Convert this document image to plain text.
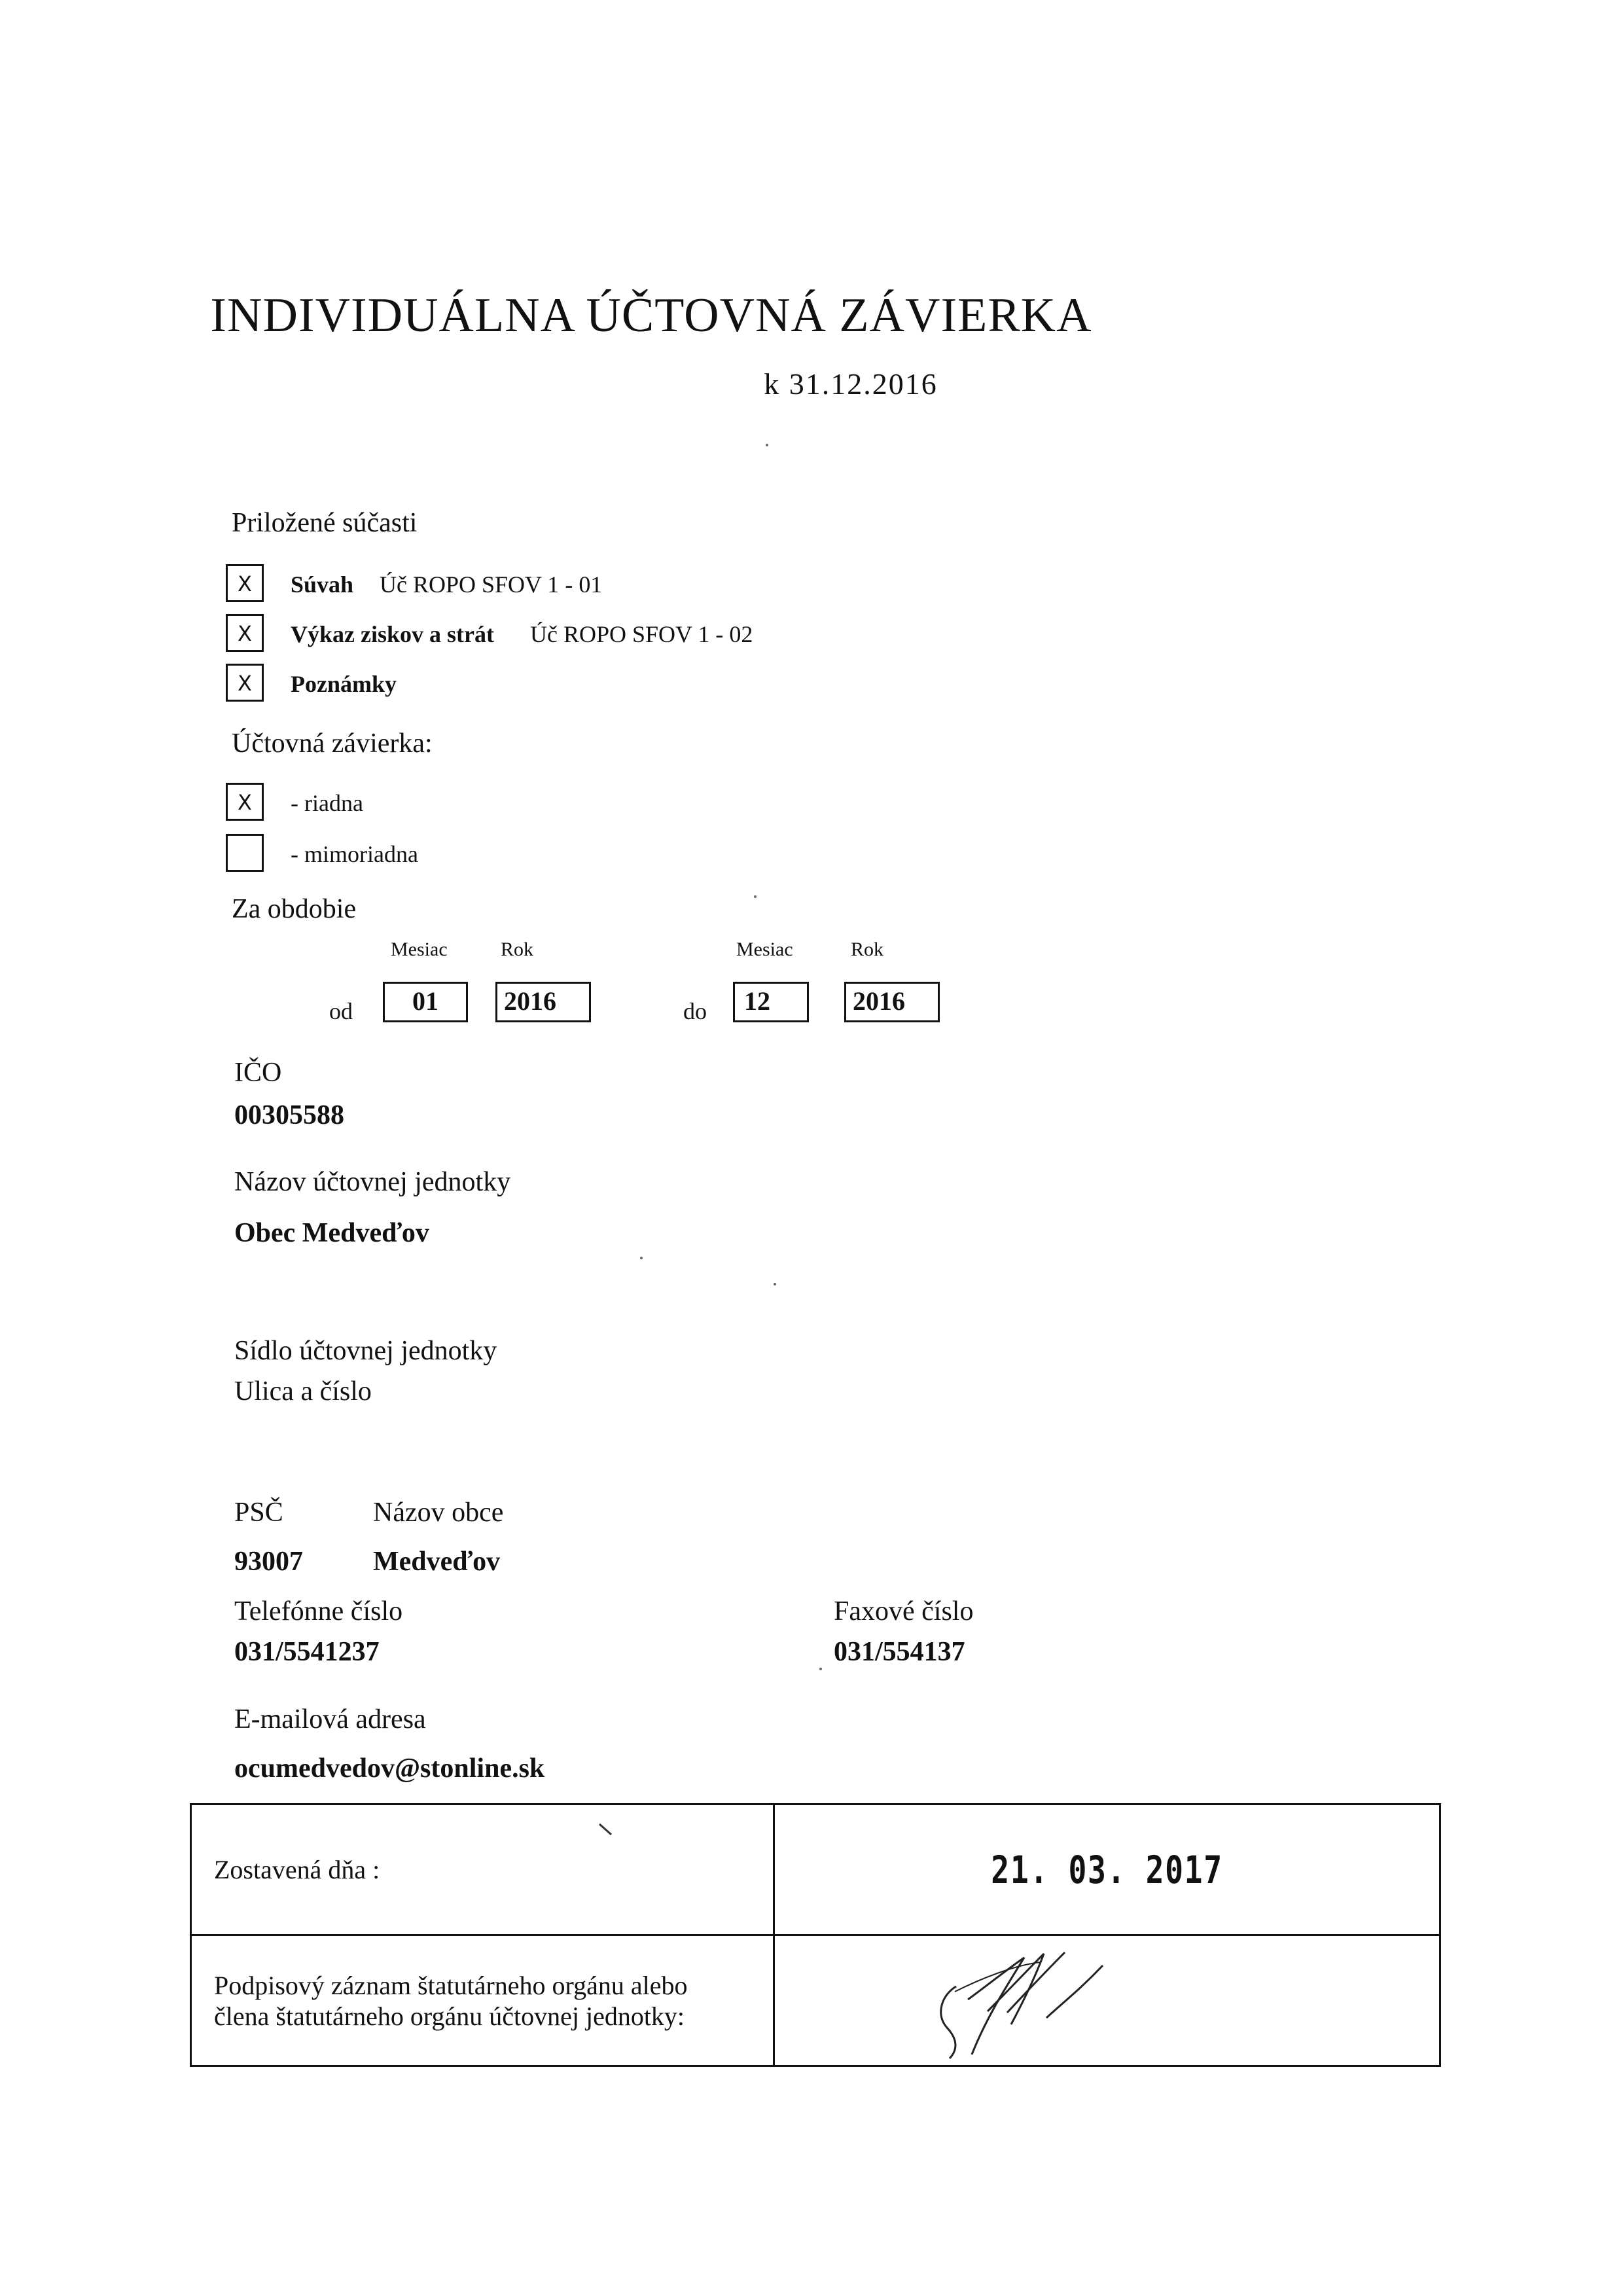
INDIVIDUÁLNA ÚČTOVNÁ ZÁVIERKA
k 31.12.2016
Priložené súčasti
X	Súvah Úč ROPO SFOV 1 - 01
X	Výkaz ziskov a strát Úč ROPO SFOV 1 - 02
X	Poznámky
Účtovná závierka:
X	- riadna
- mimoriadna
Za obdobie
Mesiac	Rok	Mesiac	Rok
od	01	2016	do	12	2016
IČO
00305588
Názov účtovnej jednotky
Obec Medveďov
Sídlo účtovnej jednotky
Ulica a číslo
PSČ	Názov obce
93007	Medveďov
Telefónne číslo
031/5541237
Faxové číslo
031/554137
E-mailová adresa
ocumedvedov@stonline.sk
Zostavená dňa :	21. 03. 2017

Podpisový záznam štatutárneho orgánu alebo
člena štatutárneho orgánu účtovnej jednotky:
